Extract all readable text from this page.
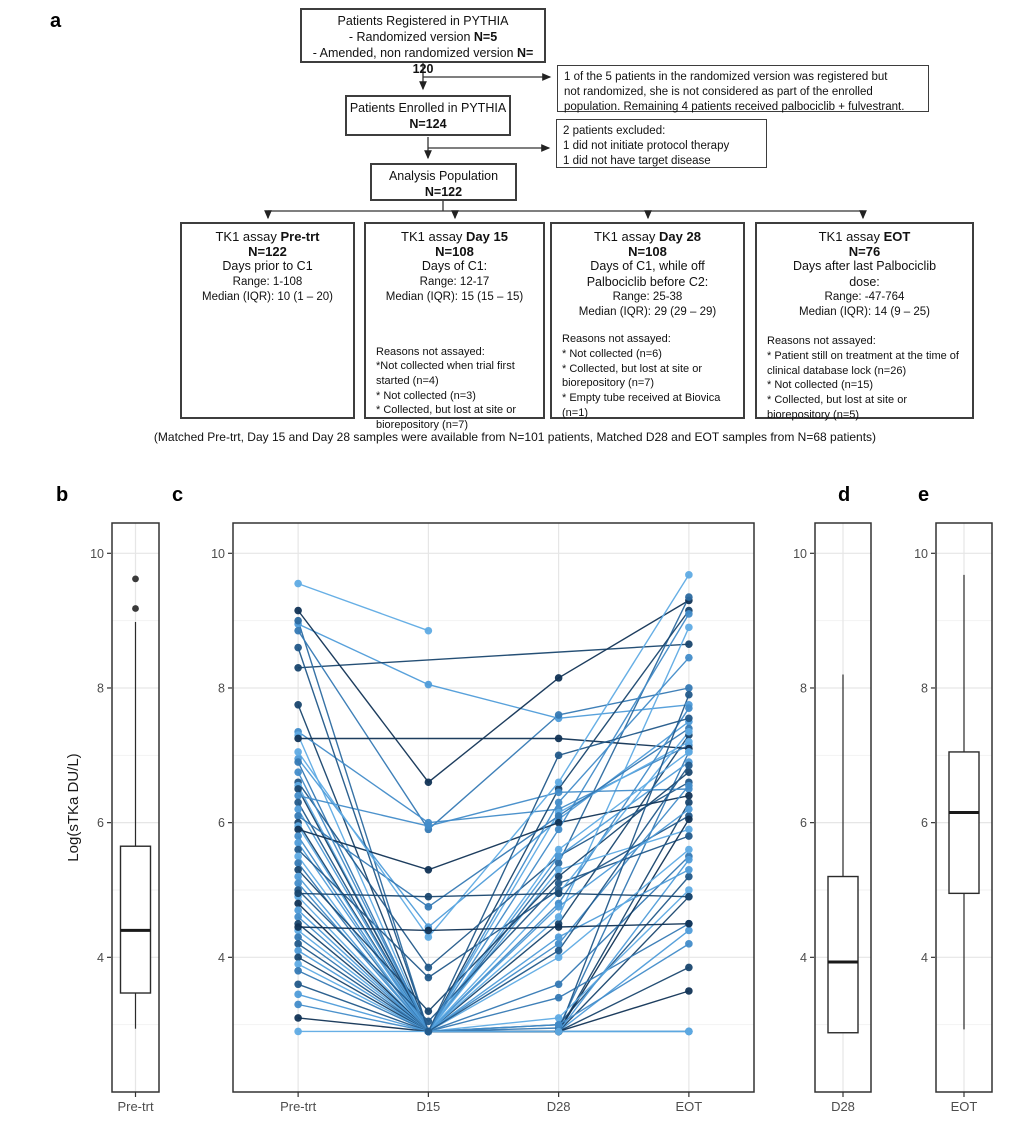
a
b	c	d	e
Patients Registered in PYTHIA
- Randomized version N=5
- Amended, non randomized version N= 120
1 of the 5 patients in the randomized version was registered but
not randomized, she is not considered as part of the enrolled
population. Remaining 4 patients received palbociclib + fulvestrant.
Patients Enrolled in PYTHIA
N=124	2 patients excluded:
1 did not initiate protocol therapy
1 did not have target disease
Analysis Population
N=122
TK1 assay Pre-trt
N=122
Days prior to C1
Range: 1-108
Median (IQR): 10 (1 – 20)
TK1 assay Day 15
N=108
Days of C1:
Range: 12-17
Median (IQR): 15 (15 – 15)
Reasons not assayed:
*Not collected when trial first started (n=4)
* Not collected (n=3)
* Collected, but lost at site or biorepository (n=7)
TK1 assay Day 28
N=108
Days of C1, while off
Palbociclib before C2:
Range: 25-38
Median (IQR): 29 (29 – 29)
Reasons not assayed:
* Not collected (n=6)
* Collected, but lost at site or biorepository (n=7)
* Empty tube received at Biovica (n=1)
TK1 assay EOT
N=76
Days after last Palbociclib
dose:
Range: -47-764
Median (IQR): 14 (9 – 25)
Reasons not assayed:
* Patient still on treatment at the time of clinical database lock (n=26)
* Not collected (n=15)
* Collected, but lost at site or biorepository (n=5)
(Matched Pre-trt, Day 15 and Day 28 samples were available from N=101 patients, Matched D28 and EOT samples from N=68 patients)
4
6
8
10
Pre-trt
Log(sTKa DU/L)
4
6
8
10
Pre-trt	D15	D28	EOT
4
6
8
10
D28
4
6
8
10
EOT
